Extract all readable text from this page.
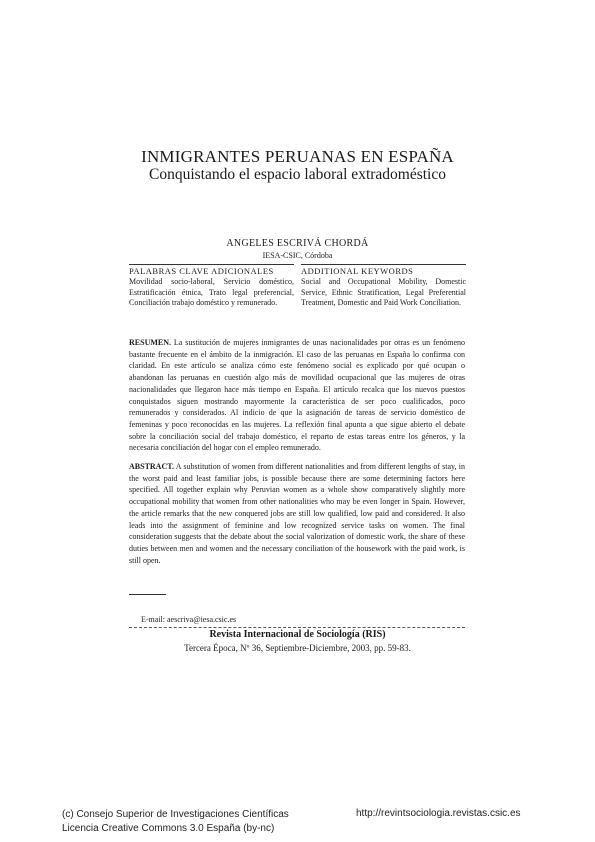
INMIGRANTES PERUANAS EN ESPAÑA
Conquistando el espacio laboral extradoméstico
ANGELES ESCRIVÁ CHORDÁ
IESA-CSIC, Córdoba
PALABRAS CLAVE ADICIONALES
Movilidad socio-laboral, Servicio doméstico, Estratificación étnica, Trato legal preferencial, Conciliación trabajo doméstico y remunerado.
ADDITIONAL KEYWORDS
Social and Occupational Mobility, Domestic Service, Ethnic Stratification, Legal Preferential Treatment, Domestic and Paid Work Conciliation.
RESUMEN. La sustitución de mujeres inmigrantes de unas nacionalidades por otras es un fenómeno bastante frecuente en el ámbito de la inmigración. El caso de las peruanas en España lo confirma con claridad. En este artículo se analiza cómo este fenómeno social es explicado por qué ocupan o abandonan las peruanas en cuestión algo más de movilidad ocupacional que las mujeres de otras nacionalidades que llegaron hace más tiempo en España. El artículo recalca que los nuevos puestos conquistados siguen mostrando mayormente la característica de ser poco cualificados, poco remunerados y considerados. Al indicio de que la asignación de tareas de servicio doméstico de femeninas y poco reconocidas en las mujeres. La reflexión final apunta a que sigue abierto el debate sobre la conciliación social del trabajo doméstico, el reparto de estas tareas entre los géneros, y la necesaria conciliación del hogar con el empleo remunerado.
ABSTRACT. A substitution of women from different nationalities and from different lengths of stay, in the worst paid and least familiar jobs, is possible because there are some determining factors here specified. All together explain why Peruvian women as a whole show comparatively slightly more occupational mobility that women from other nationalities who may be even longer in Spain. However, the article remarks that the new conquered jobs are still low qualified, low paid and considered. It also leads into the assignment of feminine and low recognized service tasks on women. The final consideration suggests that the debate about the social valorization of domestic work, the share of these duties between men and women and the necessary conciliation of the housework with the paid work, is still open.
E-mail: aescriva@iesa.csic.es
Revista Internacional de Sociología (RIS)
Tercera Época, Nº 36, Septiembre-Diciembre, 2003, pp. 59-83.
(c) Consejo Superior de Investigaciones Científicas
Licencia Creative Commons 3.0 España (by-nc)
http://revintsociologia.revistas.csic.es
